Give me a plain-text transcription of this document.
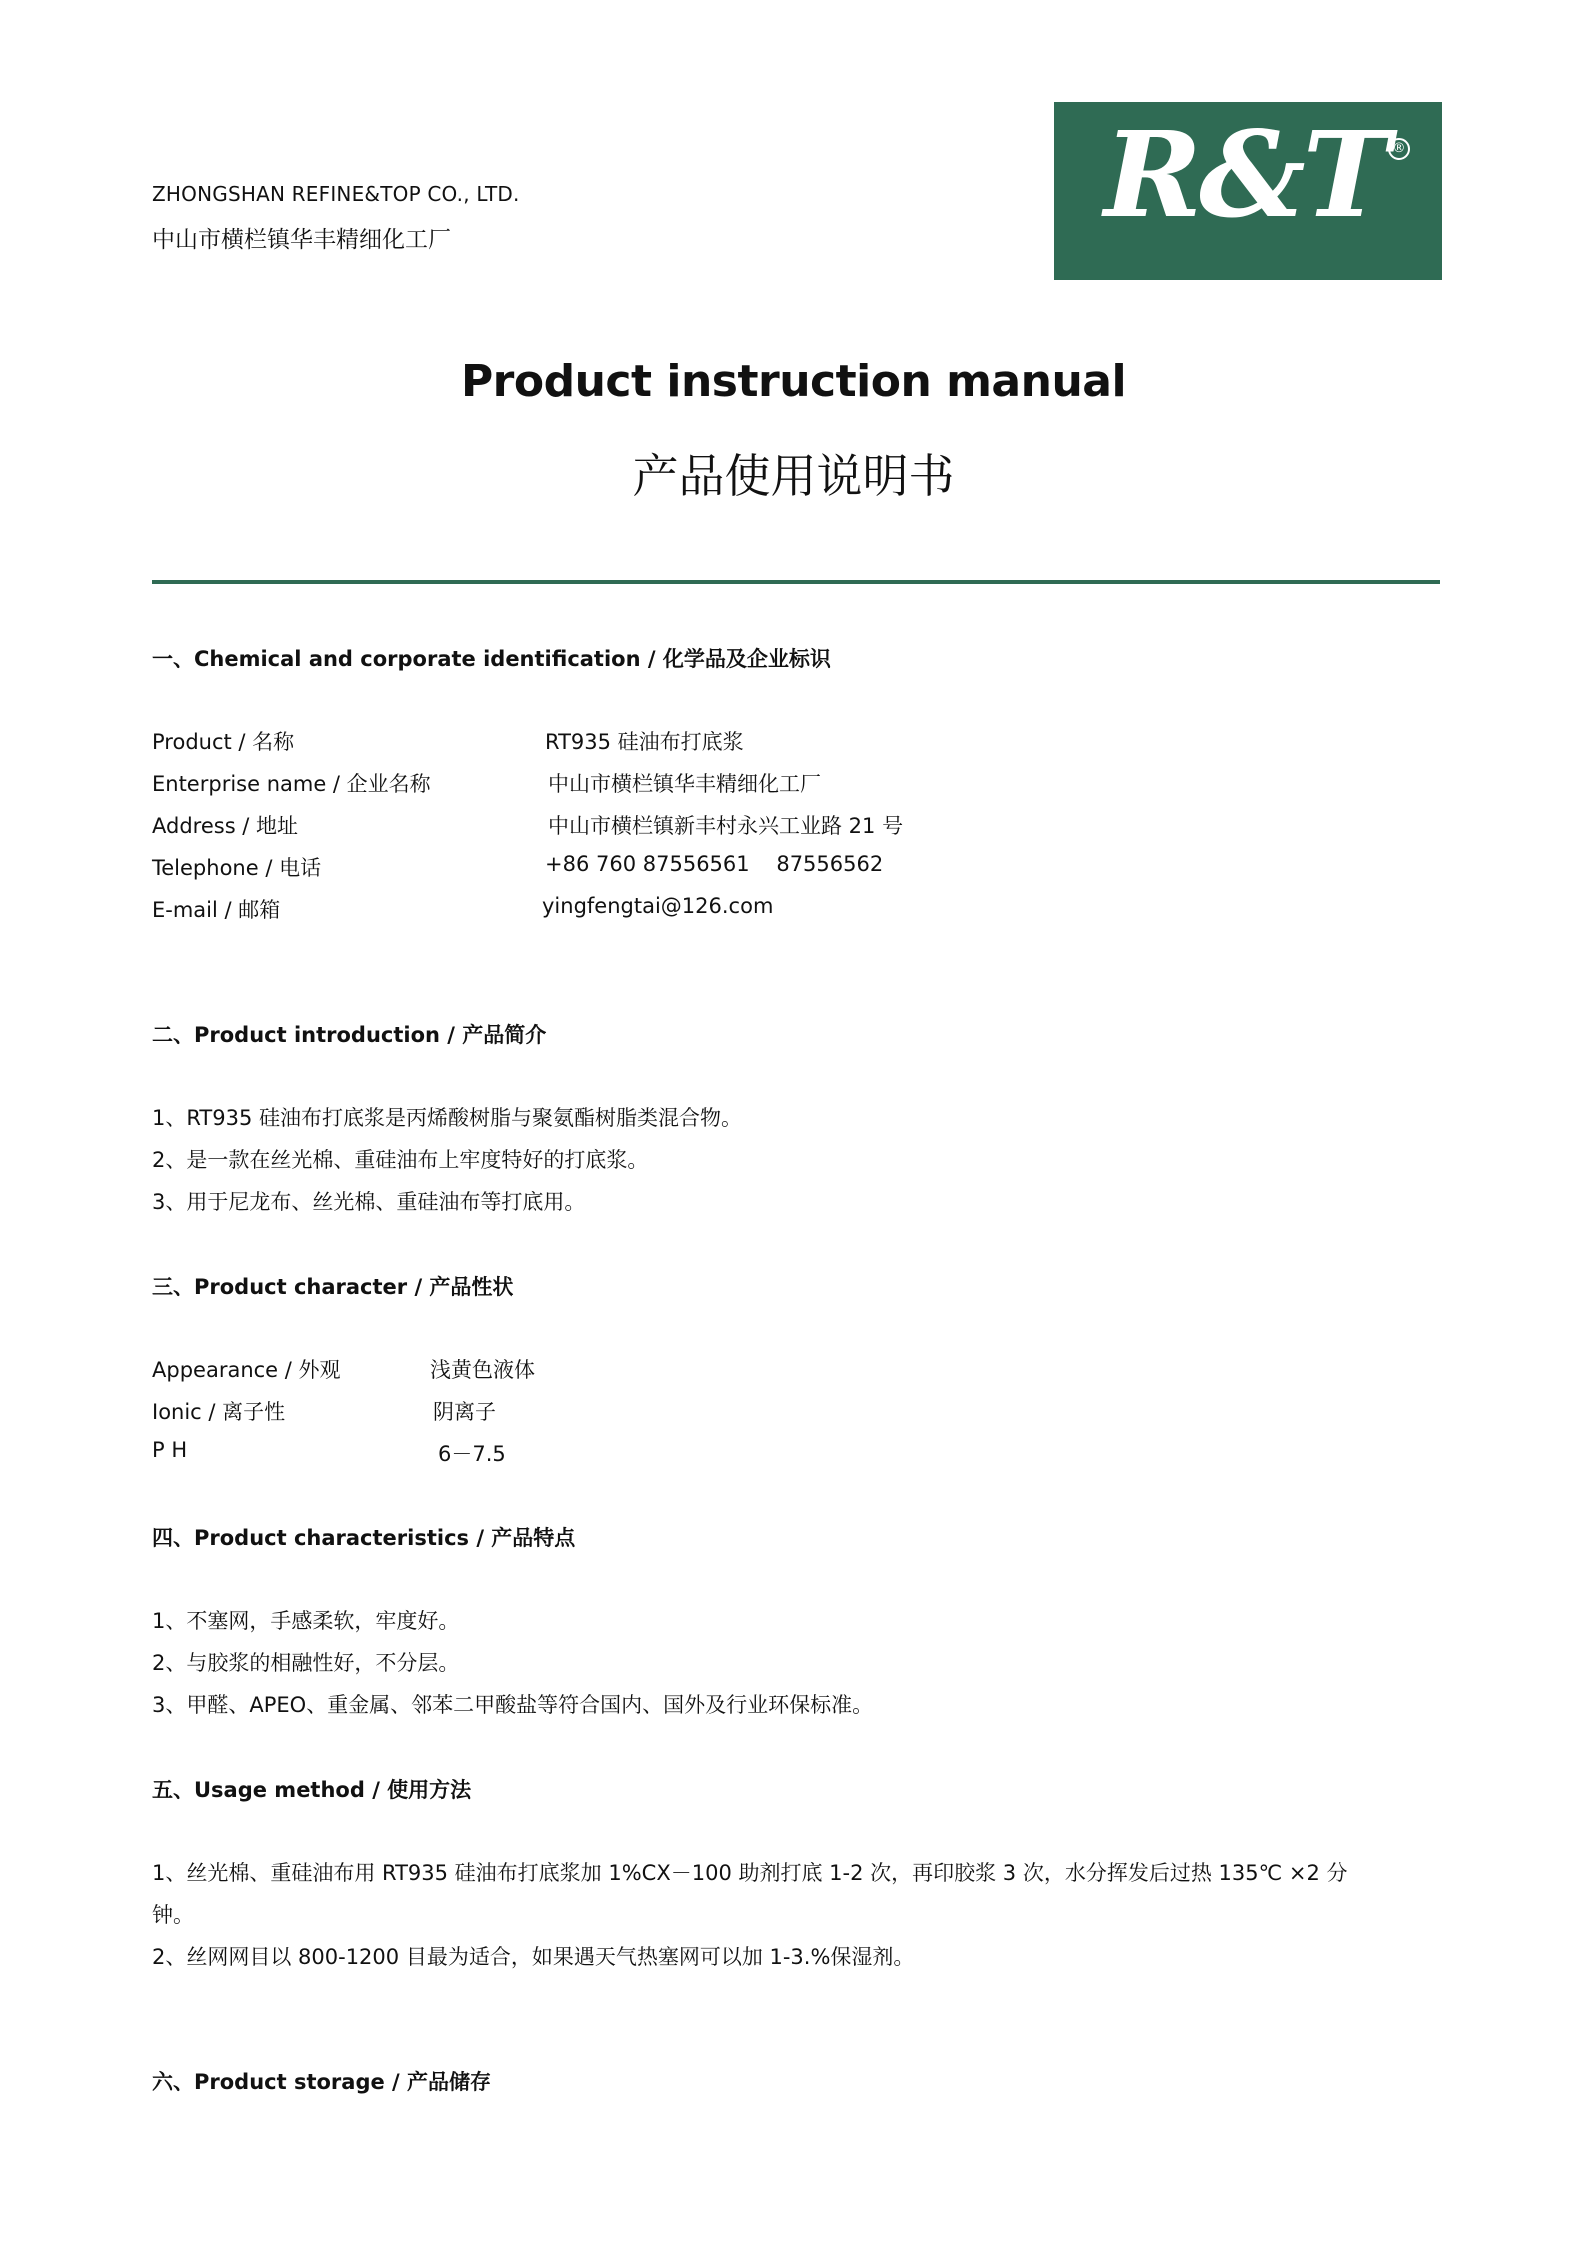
ZHONGSHAN REFINE&TOP CO., LTD.
中山市横栏镇华丰精细化工厂	R&T ®
Product instruction manual
产品使用说明书
一、Chemical and corporate identification / 化学品及企业标识
Product / 名称	RT935 硅油布打底浆
Enterprise name / 企业名称	中山市横栏镇华丰精细化工厂
Address / 地址	中山市横栏镇新丰村永兴工业路 21 号
Telephone / 电话	+86 760 87556561    87556562
E-mail / 邮箱	yingfengtai@126.com
二、Product introduction / 产品简介
1、RT935 硅油布打底浆是丙烯酸树脂与聚氨酯树脂类混合物。
2、是一款在丝光棉、重硅油布上牢度特好的打底浆。
3、用于尼龙布、丝光棉、重硅油布等打底用。
三、Product character / 产品性状
Appearance / 外观	浅黄色液体
Ionic / 离子性	阴离子
P H	6－7.5
四、Product characteristics / 产品特点
1、不塞网，手感柔软，牢度好。
2、与胶浆的相融性好，不分层。
3、甲醛、APEO、重金属、邻苯二甲酸盐等符合国内、国外及行业环保标准。
五、Usage method / 使用方法
1、丝光棉、重硅油布用 RT935 硅油布打底浆加 1%CX－100 助剂打底 1-2 次，再印胶浆 3 次，水分挥发后过热 135℃ ×2 分
钟。
2、丝网网目以 800-1200 目最为适合，如果遇天气热塞网可以加 1-3.%保湿剂。
六、Product storage / 产品储存
